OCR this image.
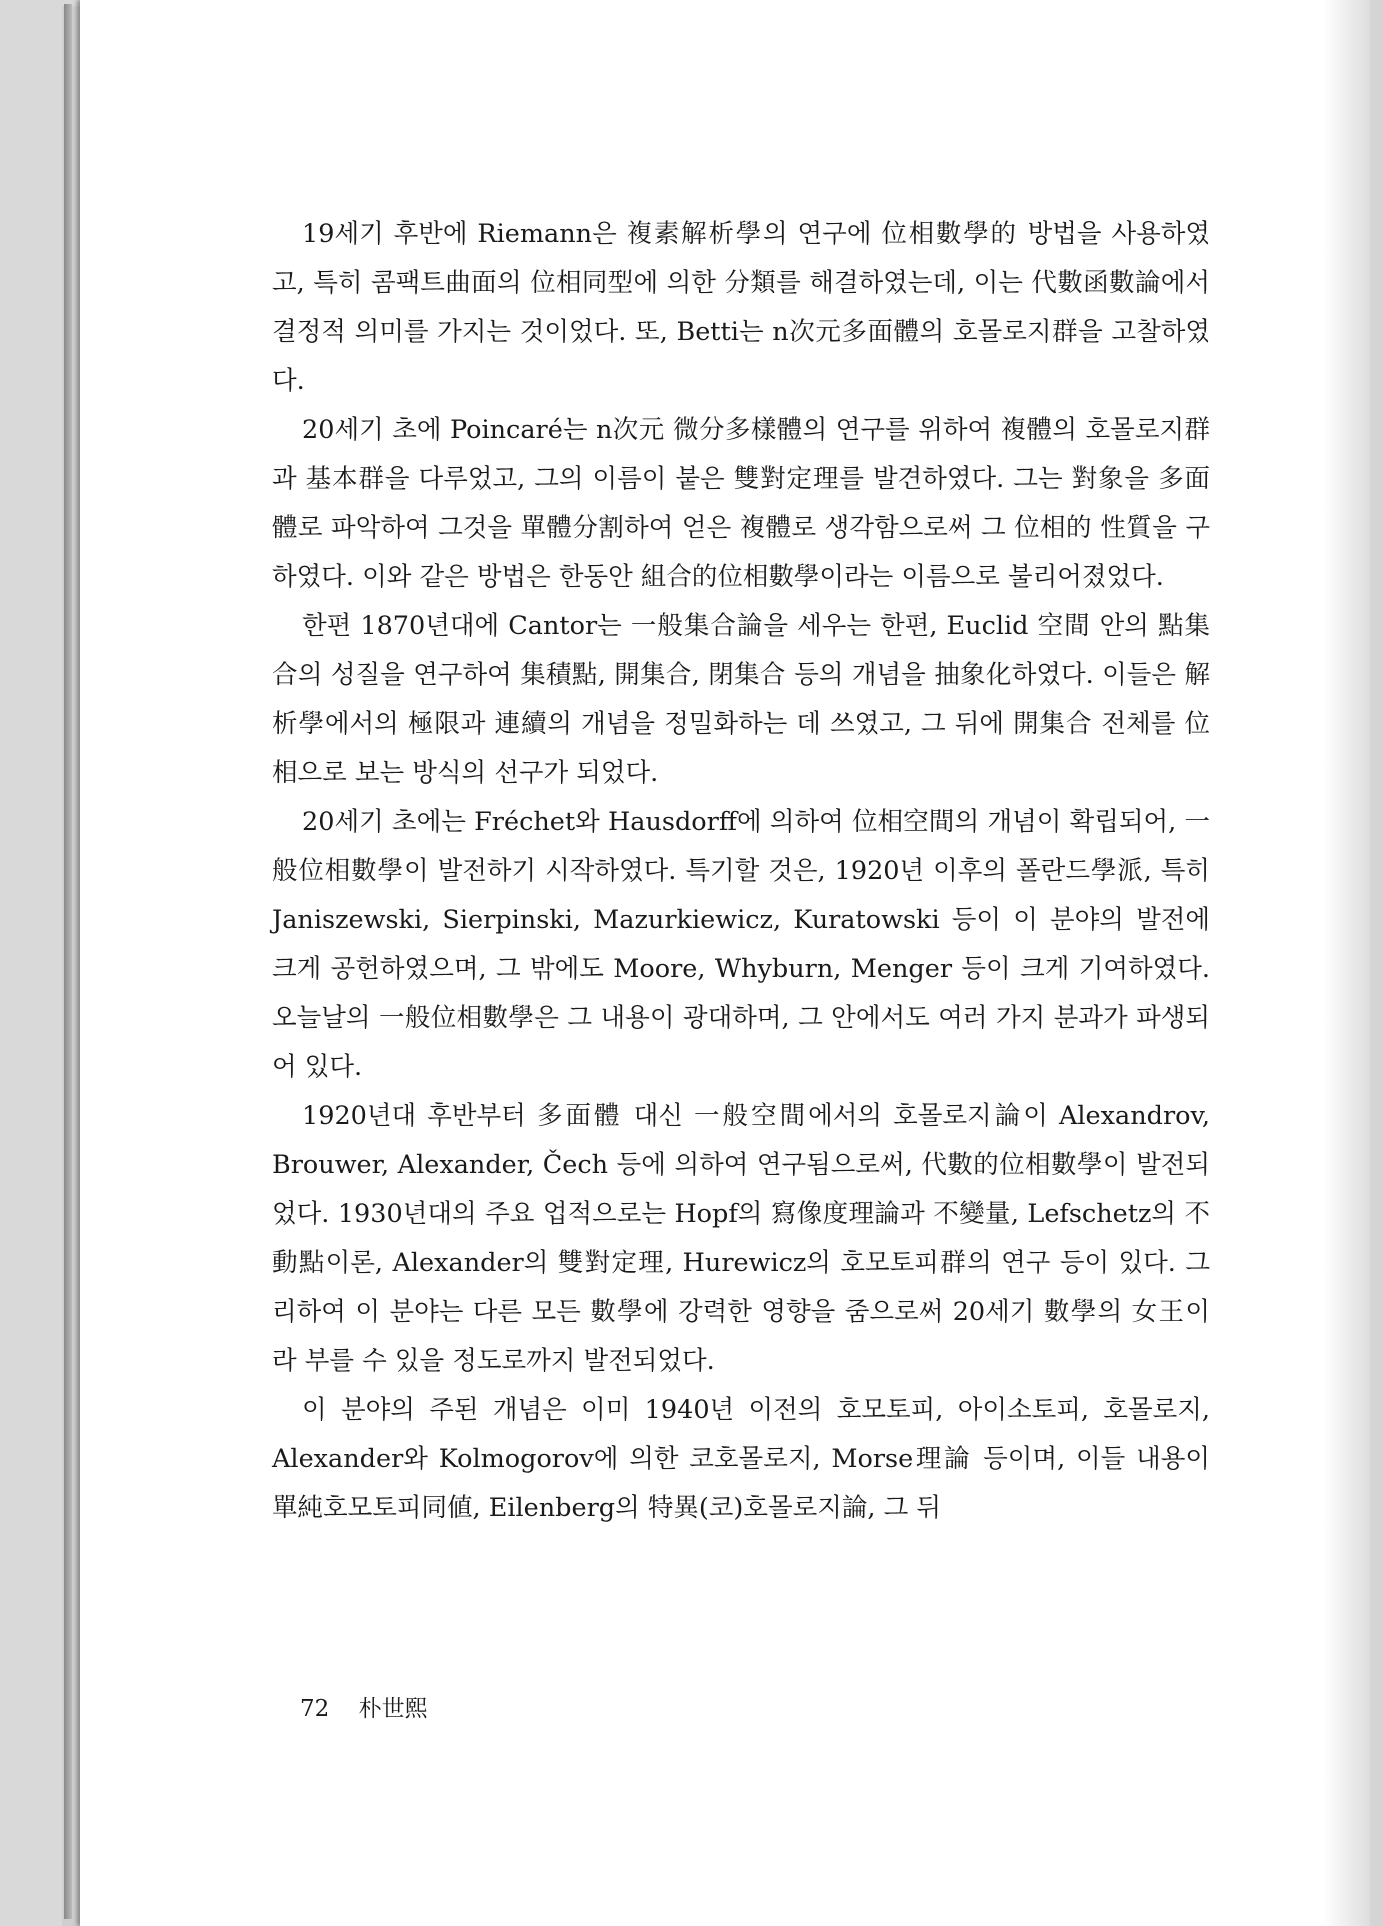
19세기 후반에 Riemann은 複素解析學의 연구에 位相數學的 방법을 사용하였고, 특히 콤팩트曲面의 位相同型에 의한 分類를 해결하였는데, 이는 代數函數論에서 결정적 의미를 가지는 것이었다. 또, Betti는 n次元多面體의 호몰로지群을 고찰하였다.

20세기 초에 Poincaré는 n次元 微分多樣體의 연구를 위하여 複體의 호몰로지群과 基本群을 다루었고, 그의 이름이 붙은 雙對定理를 발견하였다. 그는 對象을 多面體로 파악하여 그것을 單體分割하여 얻은 複體로 생각함으로써 그 位相的 性質을 구하였다. 이와 같은 방법은 한동안 組合的位相數學이라는 이름으로 불리어졌었다.

한편 1870년대에 Cantor는 一般集合論을 세우는 한편, Euclid 空間 안의 點集合의 성질을 연구하여 集積點, 開集合, 閉集合 등의 개념을 抽象化하였다. 이들은 解析學에서의 極限과 連續의 개념을 정밀화하는 데 쓰였고, 그 뒤에 開集合 전체를 位相으로 보는 방식의 선구가 되었다.

20세기 초에는 Fréchet와 Hausdorff에 의하여 位相空間의 개념이 확립되어, 一般位相數學이 발전하기 시작하였다. 특기할 것은, 1920년 이후의 폴란드學派, 특히 Janiszewski, Sierpinski, Mazurkiewicz, Kuratowski 등이 이 분야의 발전에 크게 공헌하였으며, 그 밖에도 Moore, Whyburn, Menger 등이 크게 기여하였다. 오늘날의 一般位相數學은 그 내용이 광대하며, 그 안에서도 여러 가지 분과가 파생되어 있다.

1920년대 후반부터 多面體 대신 一般空間에서의 호몰로지論이 Alexandrov, Brouwer, Alexander, Čech 등에 의하여 연구됨으로써, 代數的位相數學이 발전되었다. 1930년대의 주요 업적으로는 Hopf의 寫像度理論과 不變量, Lefschetz의 不動點이론, Alexander의 雙對定理, Hurewicz의 호모토피群의 연구 등이 있다. 그리하여 이 분야는 다른 모든 數學에 강력한 영향을 줌으로써 20세기 數學의 女王이라 부를 수 있을 정도로까지 발전되었다.

이 분야의 주된 개념은 이미 1940년 이전의 호모토피, 아이소토피, 호몰로지, Alexander와 Kolmogorov에 의한 코호몰로지, Morse理論 등이며, 이들 내용이 單純호모토피同値, Eilenberg의 特異(코)호몰로지論, 그 뒤

72 朴世熙
